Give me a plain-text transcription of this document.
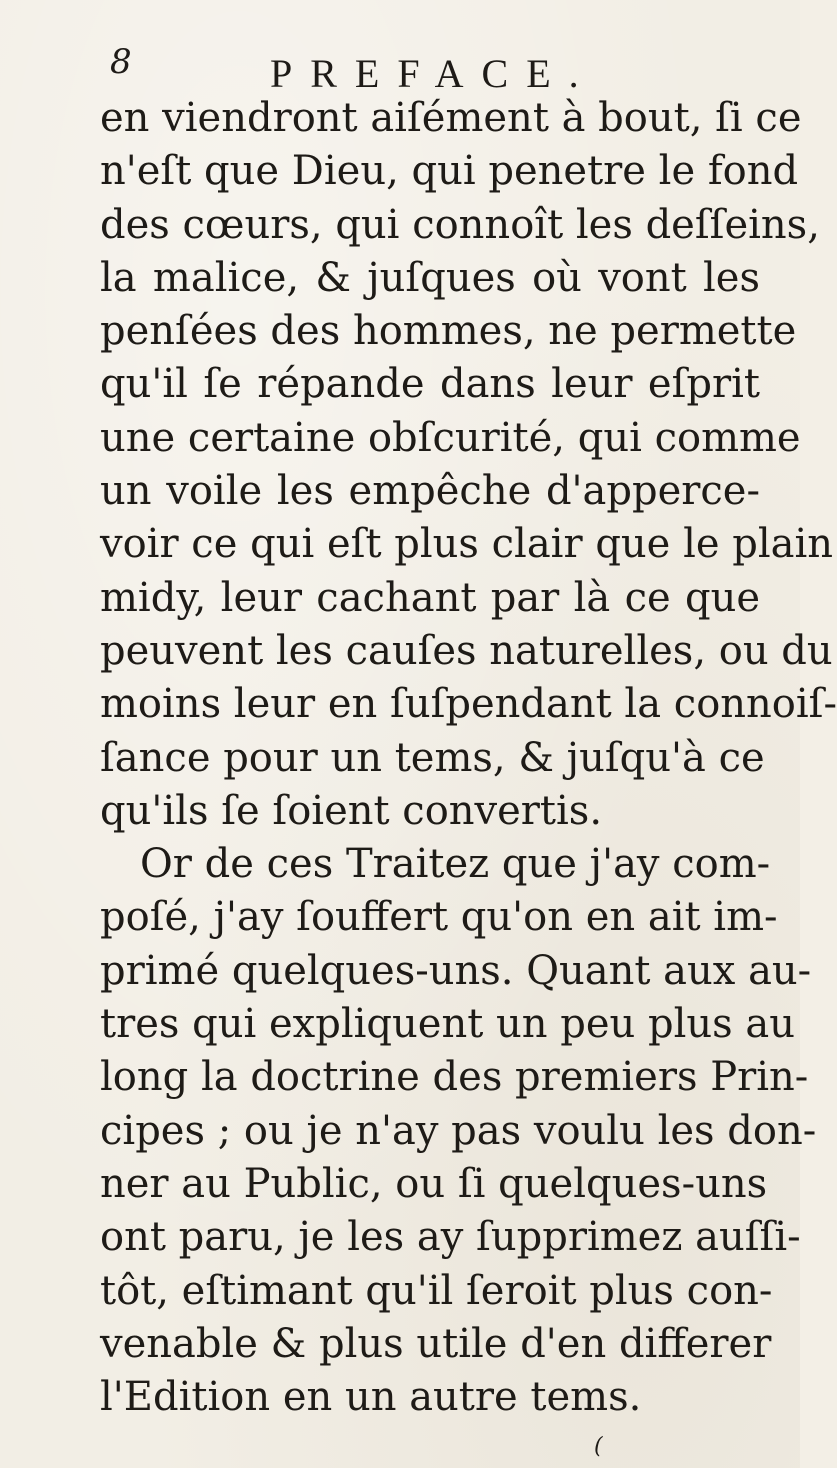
8	PREFACE.
en viendront aiſément à bout, ſi ce
n'eſt que Dieu, qui penetre le fond
des cœurs, qui connoît les deſſeins,
la malice, & juſques où vont les
penſées des hommes, ne permette
qu'il ſe répande dans leur eſprit
une certaine obſcurité, qui comme
un voile les empêche d'apperce-
voir ce qui eſt plus clair que le plain
midy, leur cachant par là ce que
peuvent les cauſes naturelles, ou du
moins leur en ſuſpendant la connoiſ-
ſance pour un tems, & juſqu'à ce
qu'ils ſe ſoient convertis.
Or de ces Traitez que j'ay com-
poſé, j'ay ſouffert qu'on en ait im-
primé quelques-uns. Quant aux au-
tres qui expliquent un peu plus au
long la doctrine des premiers Prin-
cipes ; ou je n'ay pas voulu les don-
ner au Public, ou ſi quelques-uns
ont paru, je les ay ſupprimez auſſi-
tôt, eſtimant qu'il ſeroit plus con-
venable & plus utile d'en differer
l'Edition en un autre tems.
(
